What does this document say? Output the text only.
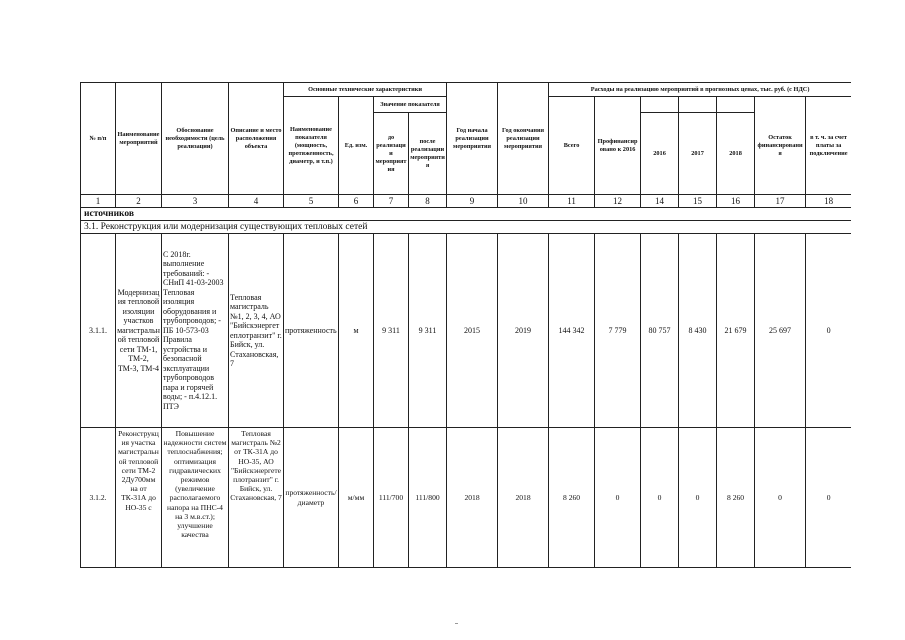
№ п/п	Наименование мероприятий	Обоснование необходимости (цель реализации)	Описание и место расположения объекта	Основные технические характеристики				Год начала реализации мероприятия	Год окончания реализации мероприятия	Расходы на реализацию мероприятий в прогнозных ценах, тыс. руб. (с НДС)						
				Наименование показателя (мощность, протяженность, диаметр, и т.п.)	Ед. изм.	Значение показателя				Всего	Профинансировано к 2016				Остаток финансирования	в т. ч. за счет платы за подключение
						до реализации мероприятия	после реализации мероприятия					2016	2017	2018		
1	2	3	4	5	6	7	8	9	10	11	12	14	15	16	17	18
источников																
3.1. Реконструкция или модернизация существующих тепловых сетей																
3.1.1.	Модернизация тепловой изоляции участков магистральной тепловой сети ТМ-1, ТМ-2, ТМ-3, ТМ-4	С 2018г. выполнение требований: - СНиП 41-03-2003 Тепловая изоляция оборудования и трубопроводов; - ПБ 10-573-03 Правила устройства и безопасной эксплуатации трубопроводов пара и горячей воды; - п.4.12.1. ПТЭ	Тепловая магистраль №1, 2, 3, 4, АО "Бийскэнергетеплотранзит" г. Бийск, ул. Стахановская, 7	протяженность	м	9 311	9 311	2015	2019	144 342	7 779	80 757	8 430	21 679	25 697	0
3.1.2.	Реконструкция участка магистральной тепловой сети ТМ-2 2Ду700мм на от ТК-31А до НО-35 с	Повышение надежности систем теплоснабжения; оптимизация гидравлических режимов (увеличение располагаемого напора на ПНС-4 на 3 м.в.ст.); улучшение качества	Тепловая магистраль №2 от ТК-31А до НО-35, АО "Бийскэнергетеплотранзит" г. Бийск, ул. Стахановская, 7	протяженность/диаметр	м/мм	111/700	111/800	2018	2018	8 260	0	0	0	8 260	0	0
